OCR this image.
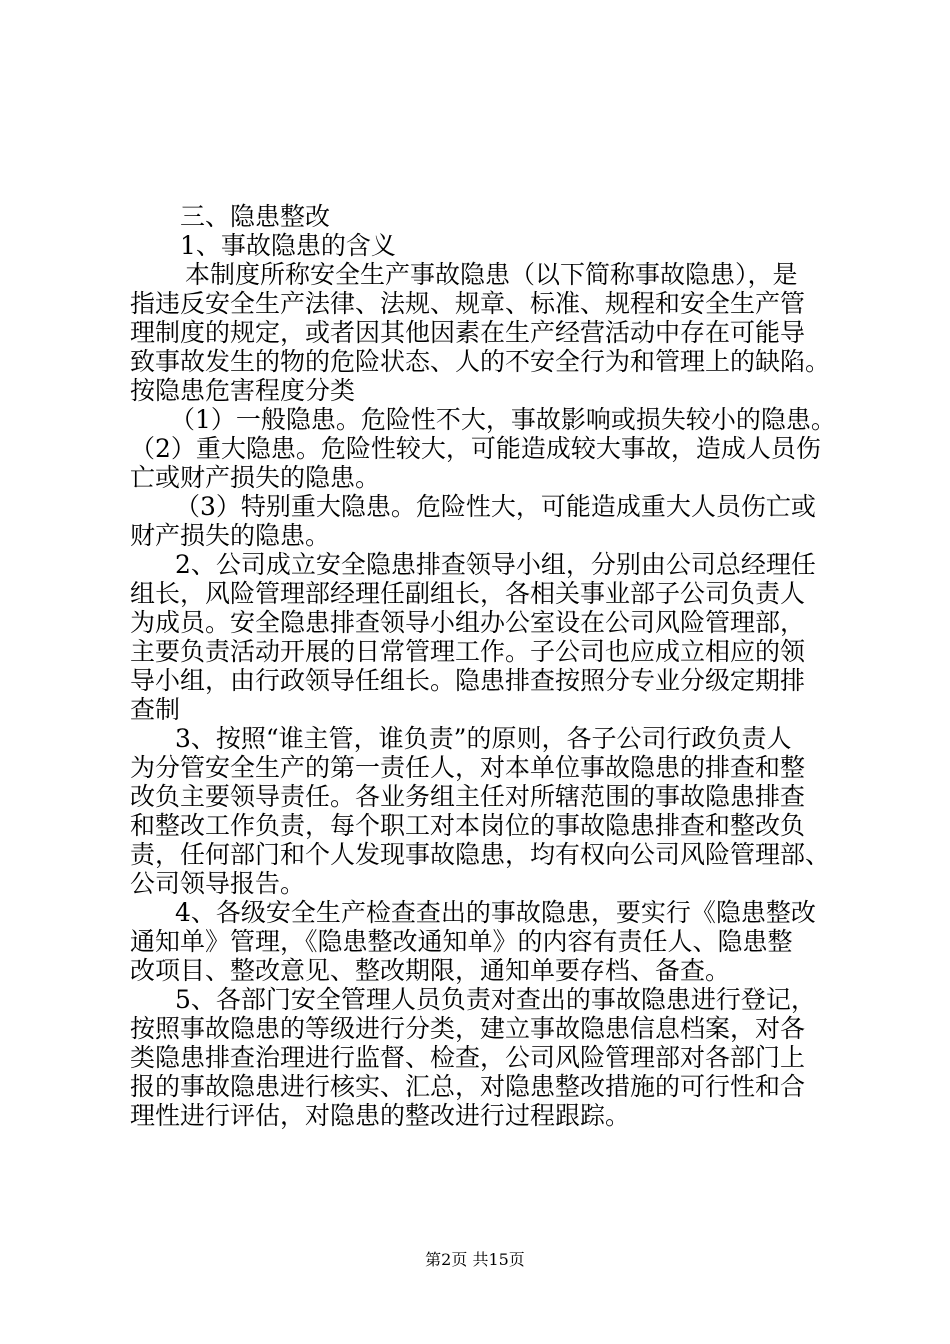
三、隐患整改
1、事故隐患的含义
本制度所称安全生产事故隐患（以下简称事故隐患），是
指违反安全生产法律、法规、规章、标准、规程和安全生产管
理制度的规定，或者因其他因素在生产经营活动中存在可能导
致事故发生的物的危险状态、人的不安全行为和管理上的缺陷。
按隐患危害程度分类
（1）一般隐患。危险性不大，事故影响或损失较小的隐患。
（2）重大隐患。危险性较大，可能造成较大事故，造成人员伤
亡或财产损失的隐患。
（3）特别重大隐患。危险性大，可能造成重大人员伤亡或
财产损失的隐患。
2、公司成立安全隐患排查领导小组，分别由公司总经理任
组长，风险管理部经理任副组长，各相关事业部子公司负责人
为成员。安全隐患排查领导小组办公室设在公司风险管理部，
主要负责活动开展的日常管理工作。子公司也应成立相应的领
导小组，由行政领导任组长。隐患排查按照分专业分级定期排
查制
3、按照“谁主管，谁负责”的原则，各子公司行政负责人
为分管安全生产的第一责任人，对本单位事故隐患的排查和整
改负主要领导责任。各业务组主任对所辖范围的事故隐患排查
和整改工作负责，每个职工对本岗位的事故隐患排查和整改负
责，任何部门和个人发现事故隐患，均有权向公司风险管理部、
公司领导报告。
4、各级安全生产检查查出的事故隐患，要实行《隐患整改
通知单》管理，《隐患整改通知单》的内容有责任人、隐患整
改项目、整改意见、整改期限，通知单要存档、备查。
5、各部门安全管理人员负责对查出的事故隐患进行登记，
按照事故隐患的等级进行分类，建立事故隐患信息档案，对各
类隐患排查治理进行监督、检查，公司风险管理部对各部门上
报的事故隐患进行核实、汇总，对隐患整改措施的可行性和合
理性进行评估，对隐患的整改进行过程跟踪。
第2页 共15页
